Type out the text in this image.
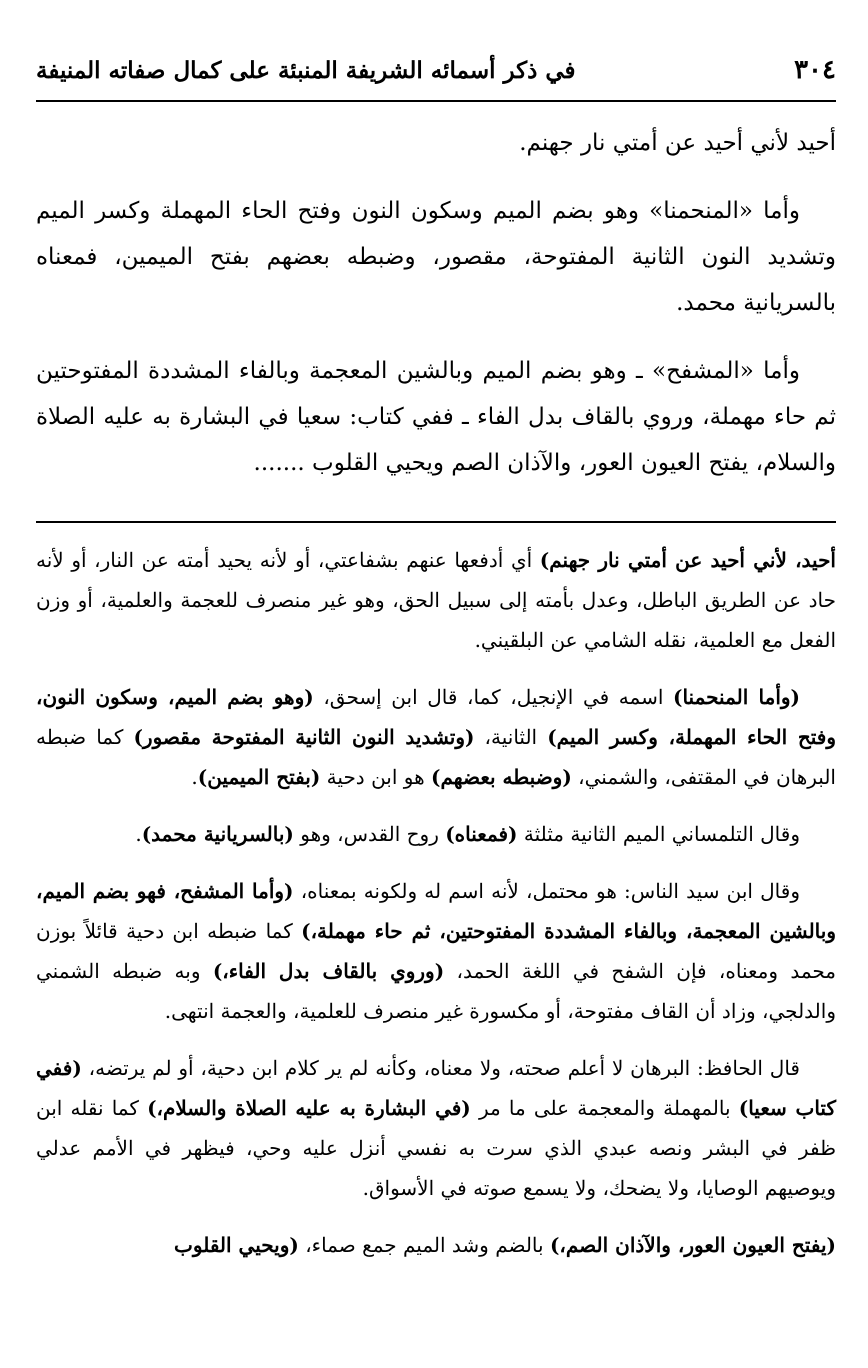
٣٠٤
في ذكر أسمائه الشريفة المنبئة على كمال صفاته المنيفة

أحيد لأني أحيد عن أمتي نار جهنم.

وأما «المنحمنا» وهو بضم الميم وسكون النون وفتح الحاء المهملة وكسر الميم وتشديد النون الثانية المفتوحة، مقصور، وضبطه بعضهم بفتح الميمين، فمعناه بالسريانية محمد.

وأما «المشفح» ـ وهو بضم الميم وبالشين المعجمة وبالفاء المشددة المفتوحتين ثم حاء مهملة، وروي بالقاف بدل الفاء ـ ففي كتاب: سعيا في البشارة به عليه الصلاة والسلام، يفتح العيون العور، والآذان الصم ويحيي القلوب .......

أحيد، لأني أحيد عن أمتي نار جهنم) أي أدفعها عنهم بشفاعتي، أو لأنه يحيد أمته عن النار، أو لأنه حاد عن الطريق الباطل، وعدل بأمته إلى سبيل الحق، وهو غير منصرف للعجمة والعلمية، أو وزن الفعل مع العلمية، نقله الشامي عن البلقيني.

(وأما المنحمنا) اسمه في الإنجيل، كما، قال ابن إسحق، (وهو بضم الميم، وسكون النون، وفتح الحاء المهملة، وكسر الميم) الثانية، (وتشديد النون الثانية المفتوحة مقصور) كما ضبطه البرهان في المقتفى، والشمني، (وضبطه بعضهم) هو ابن دحية (بفتح الميمين).

وقال التلمساني الميم الثانية مثلثة (فمعناه) روح القدس، وهو (بالسريانية محمد).

وقال ابن سيد الناس: هو محتمل، لأنه اسم له ولكونه بمعناه، (وأما المشفح، فهو بضم الميم، وبالشين المعجمة، وبالفاء المشددة المفتوحتين، ثم حاء مهملة،) كما ضبطه ابن دحية قائلاً بوزن محمد ومعناه، فإن الشفح في اللغة الحمد، (وروي بالقاف بدل الفاء،) وبه ضبطه الشمني والدلجي، وزاد أن القاف مفتوحة، أو مكسورة غير منصرف للعلمية، والعجمة انتهى.

قال الحافظ: البرهان لا أعلم صحته، ولا معناه، وكأنه لم ير كلام ابن دحية، أو لم يرتضه، (ففي كتاب سعيا) بالمهملة والمعجمة على ما مر (في البشارة به عليه الصلاة والسلام،) كما نقله ابن ظفر في البشر ونصه عبدي الذي سرت به نفسي أنزل عليه وحي، فيظهر في الأمم عدلي ويوصيهم الوصايا، ولا يضحك، ولا يسمع صوته في الأسواق.

(يفتح العيون العور، والآذان الصم،) بالضم وشد الميم جمع صماء، (ويحيي القلوب
